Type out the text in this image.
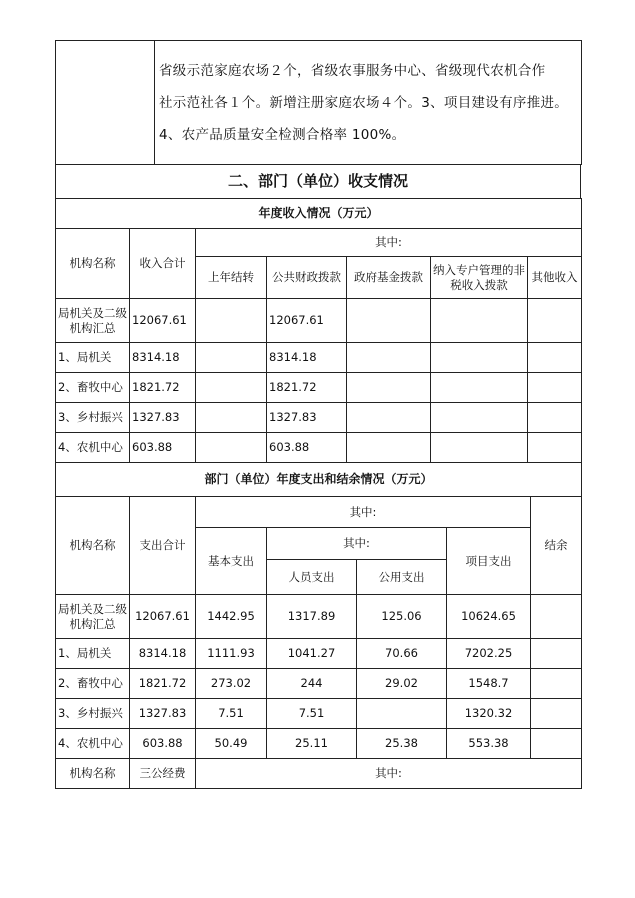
省级示范家庭农场２个，省级农事服务中心、省级现代农机合作
社示范社各１个。新增注册家庭农场４个。3、项目建设有序推进。
4、农产品质量安全检测合格率 100%。
二、部门（单位）收支情况
年度收入情况（万元）						
机构名称	收入合计	其中:				
		上年结转	公共财政拨款	政府基金拨款	纳入专户管理的非税收入拨款	其他收入
局机关及二级机构汇总	12067.61		12067.61			
1、局机关	8314.18		8314.18			
2、畜牧中心	1821.72		1821.72			
3、乡村振兴	1327.83		1327.83			
4、农机中心	603.88		603.88			
部门（单位）年度支出和结余情况（万元）						
机构名称	支出合计	其中:				结余
		基本支出	其中:		项目支出	
			人员支出	公用支出		
局机关及二级机构汇总	12067.61	1442.95	1317.89	125.06	10624.65	
1、局机关	8314.18	1111.93	1041.27	70.66	7202.25	
2、畜牧中心	1821.72	273.02	244	29.02	1548.7	
3、乡村振兴	1327.83	7.51	7.51		1320.32	
4、农机中心	603.88	50.49	25.11	25.38	553.38	
机构名称	三公经费	其中:
